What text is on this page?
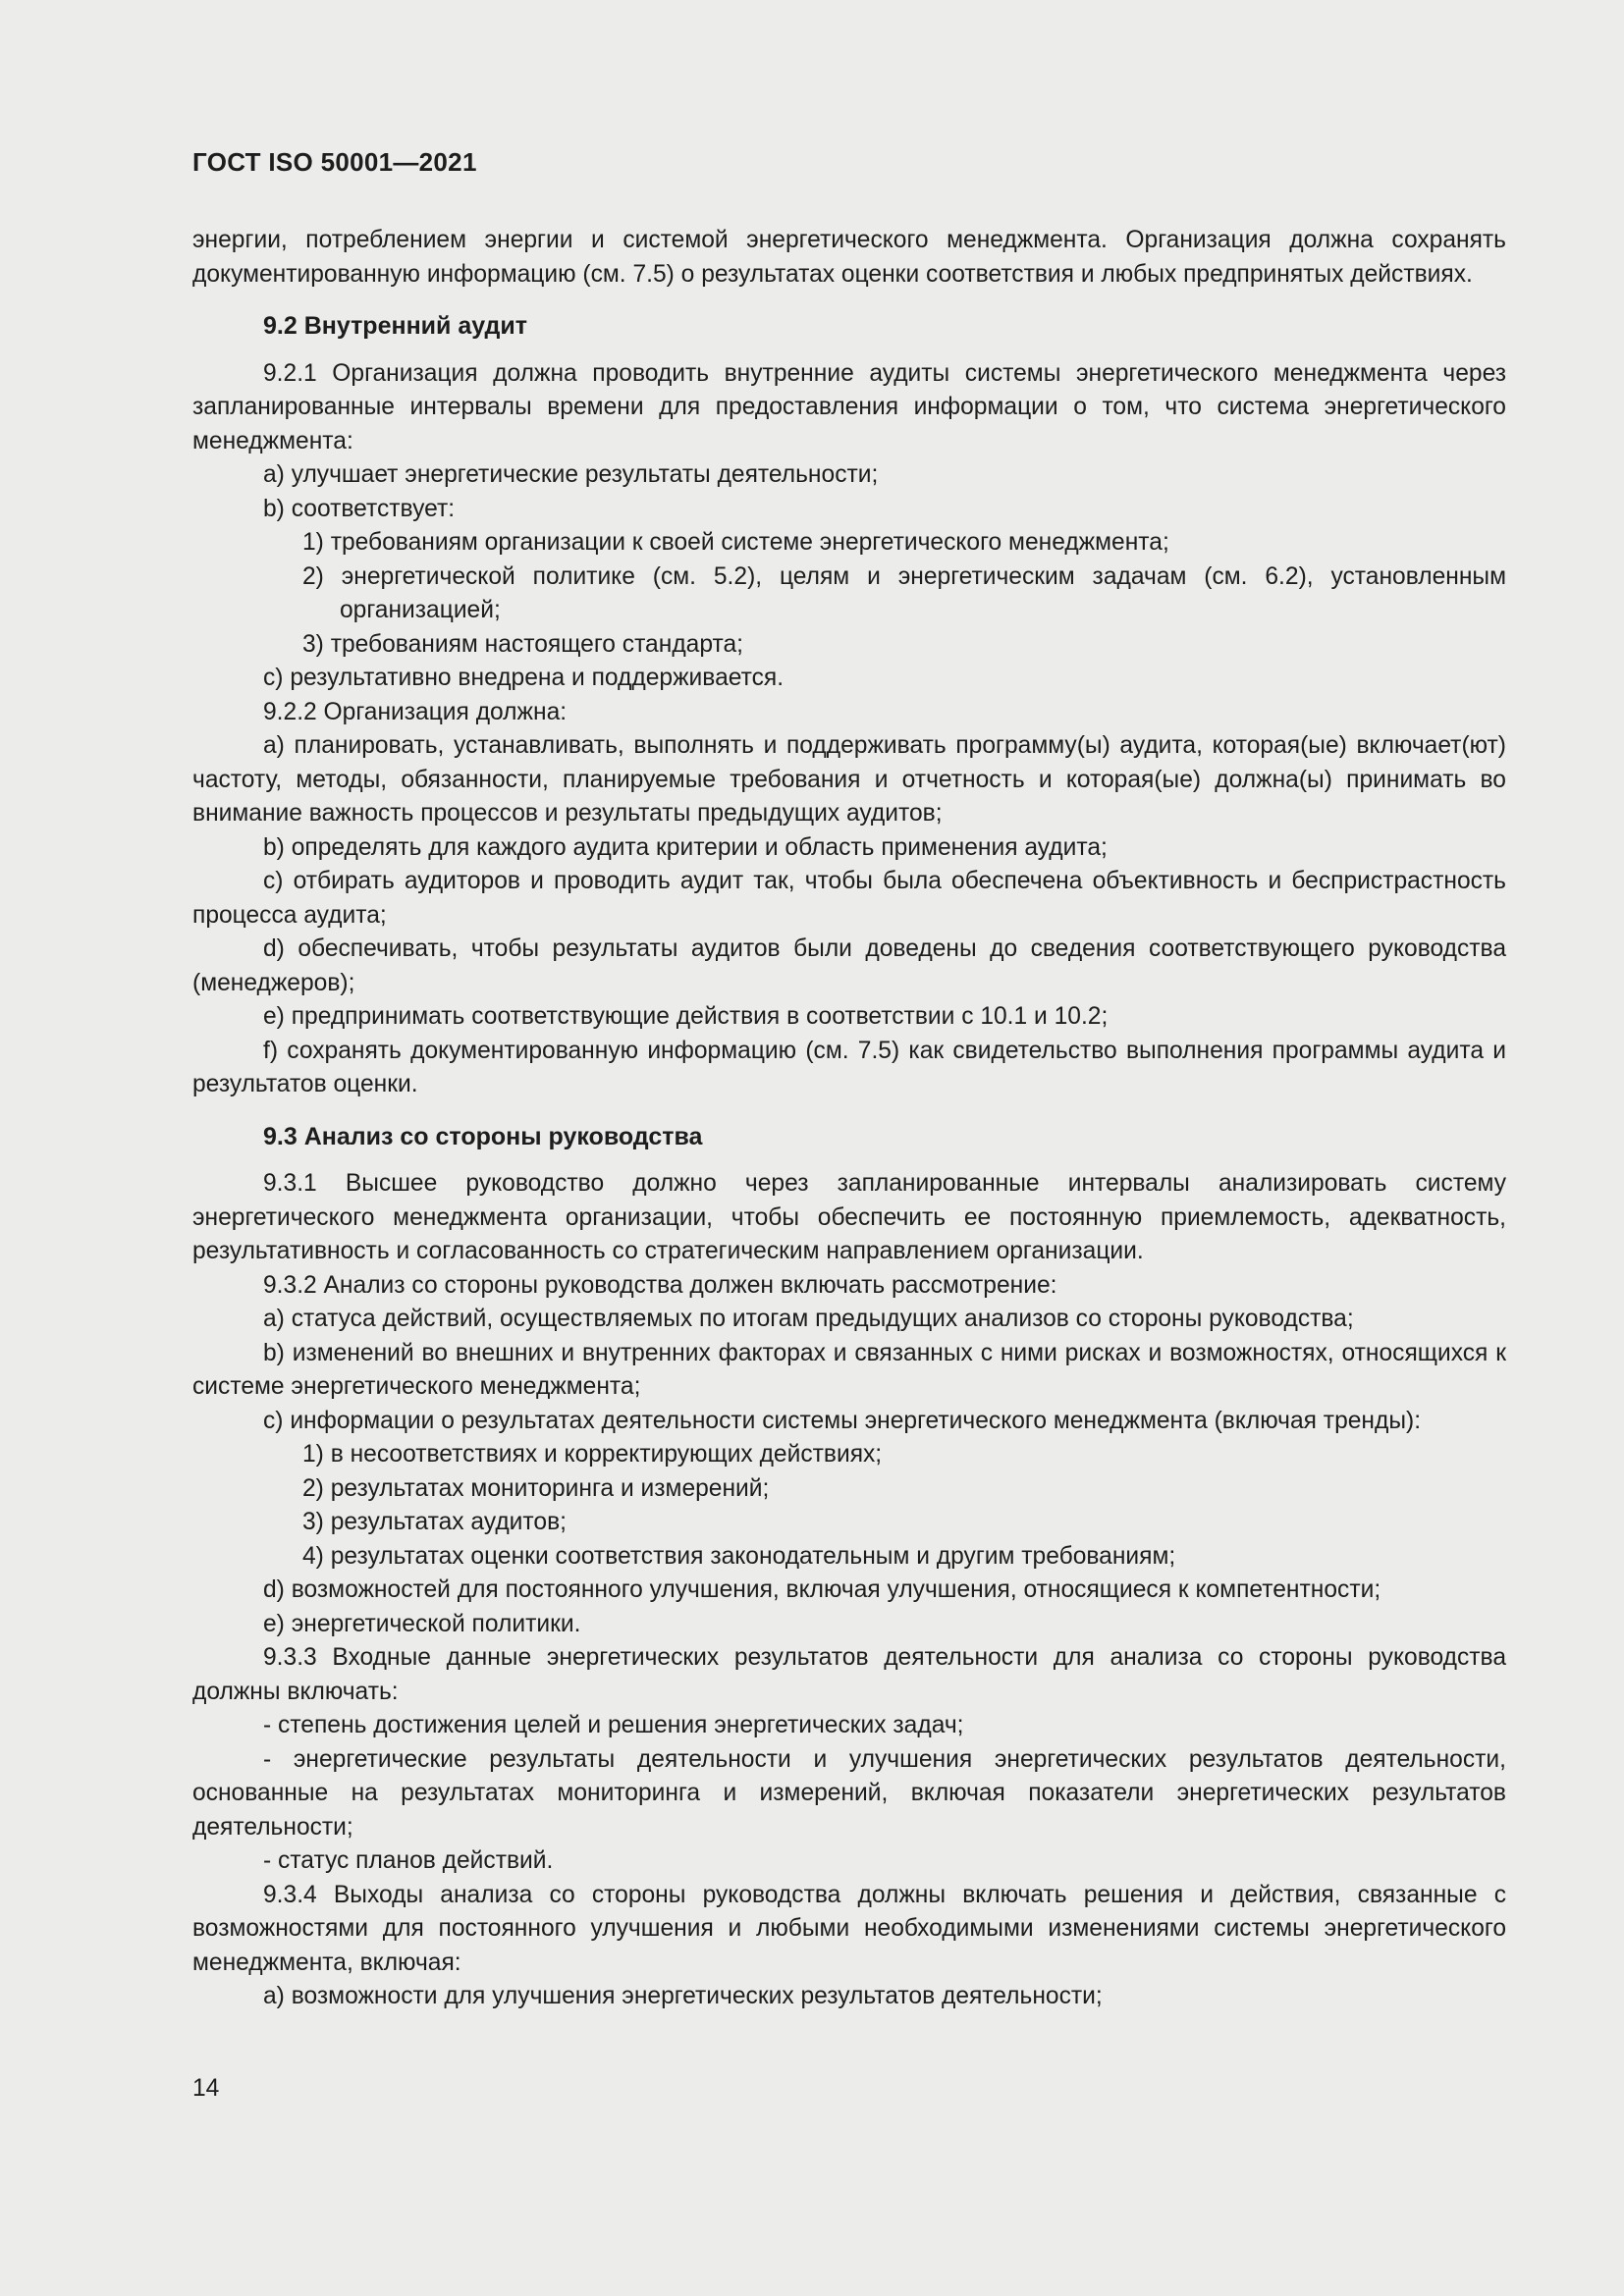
ГОСТ ISO 50001—2021

энергии, потреблением энергии и системой энергетического менеджмента. Организация должна сохранять документированную информацию (см. 7.5) о результатах оценки соответствия и любых предпринятых действиях.

9.2 Внутренний аудит

9.2.1 Организация должна проводить внутренние аудиты системы энергетического менеджмента через запланированные интервалы времени для предоставления информации о том, что система энергетического менеджмента:

a) улучшает энергетические результаты деятельности;

b) соответствует:

1) требованиям организации к своей системе энергетического менеджмента;

2) энергетической политике (см. 5.2), целям и энергетическим задачам (см. 6.2), установленным организацией;

3) требованиям настоящего стандарта;

c) результативно внедрена и поддерживается.

9.2.2 Организация должна:

a) планировать, устанавливать, выполнять и поддерживать программу(ы) аудита, которая(ые) включает(ют) частоту, методы, обязанности, планируемые требования и отчетность и которая(ые) должна(ы) принимать во внимание важность процессов и результаты предыдущих аудитов;

b) определять для каждого аудита критерии и область применения аудита;

c) отбирать аудиторов и проводить аудит так, чтобы была обеспечена объективность и беспристрастность процесса аудита;

d) обеспечивать, чтобы результаты аудитов были доведены до сведения соответствующего руководства (менеджеров);

e) предпринимать соответствующие действия в соответствии с 10.1 и 10.2;

f) сохранять документированную информацию (см. 7.5) как свидетельство выполнения программы аудита и результатов оценки.

9.3 Анализ со стороны руководства

9.3.1 Высшее руководство должно через запланированные интервалы анализировать систему энергетического менеджмента организации, чтобы обеспечить ее постоянную приемлемость, адекватность, результативность и согласованность со стратегическим направлением организации.

9.3.2 Анализ со стороны руководства должен включать рассмотрение:

a) статуса действий, осуществляемых по итогам предыдущих анализов со стороны руководства;

b) изменений во внешних и внутренних факторах и связанных с ними рисках и возможностях, относящихся к системе энергетического менеджмента;

c) информации о результатах деятельности системы энергетического менеджмента (включая тренды):

1) в несоответствиях и корректирующих действиях;

2) результатах мониторинга и измерений;

3) результатах аудитов;

4) результатах оценки соответствия законодательным и другим требованиям;

d) возможностей для постоянного улучшения, включая улучшения, относящиеся к компетентности;

e) энергетической политики.

9.3.3 Входные данные энергетических результатов деятельности для анализа со стороны руководства должны включать:

- степень достижения целей и решения энергетических задач;

- энергетические результаты деятельности и улучшения энергетических результатов деятельности, основанные на результатах мониторинга и измерений, включая показатели энергетических результатов деятельности;

- статус планов действий.

9.3.4 Выходы анализа со стороны руководства должны включать решения и действия, связанные с возможностями для постоянного улучшения и любыми необходимыми изменениями системы энергетического менеджмента, включая:

a) возможности для улучшения энергетических результатов деятельности;

14
